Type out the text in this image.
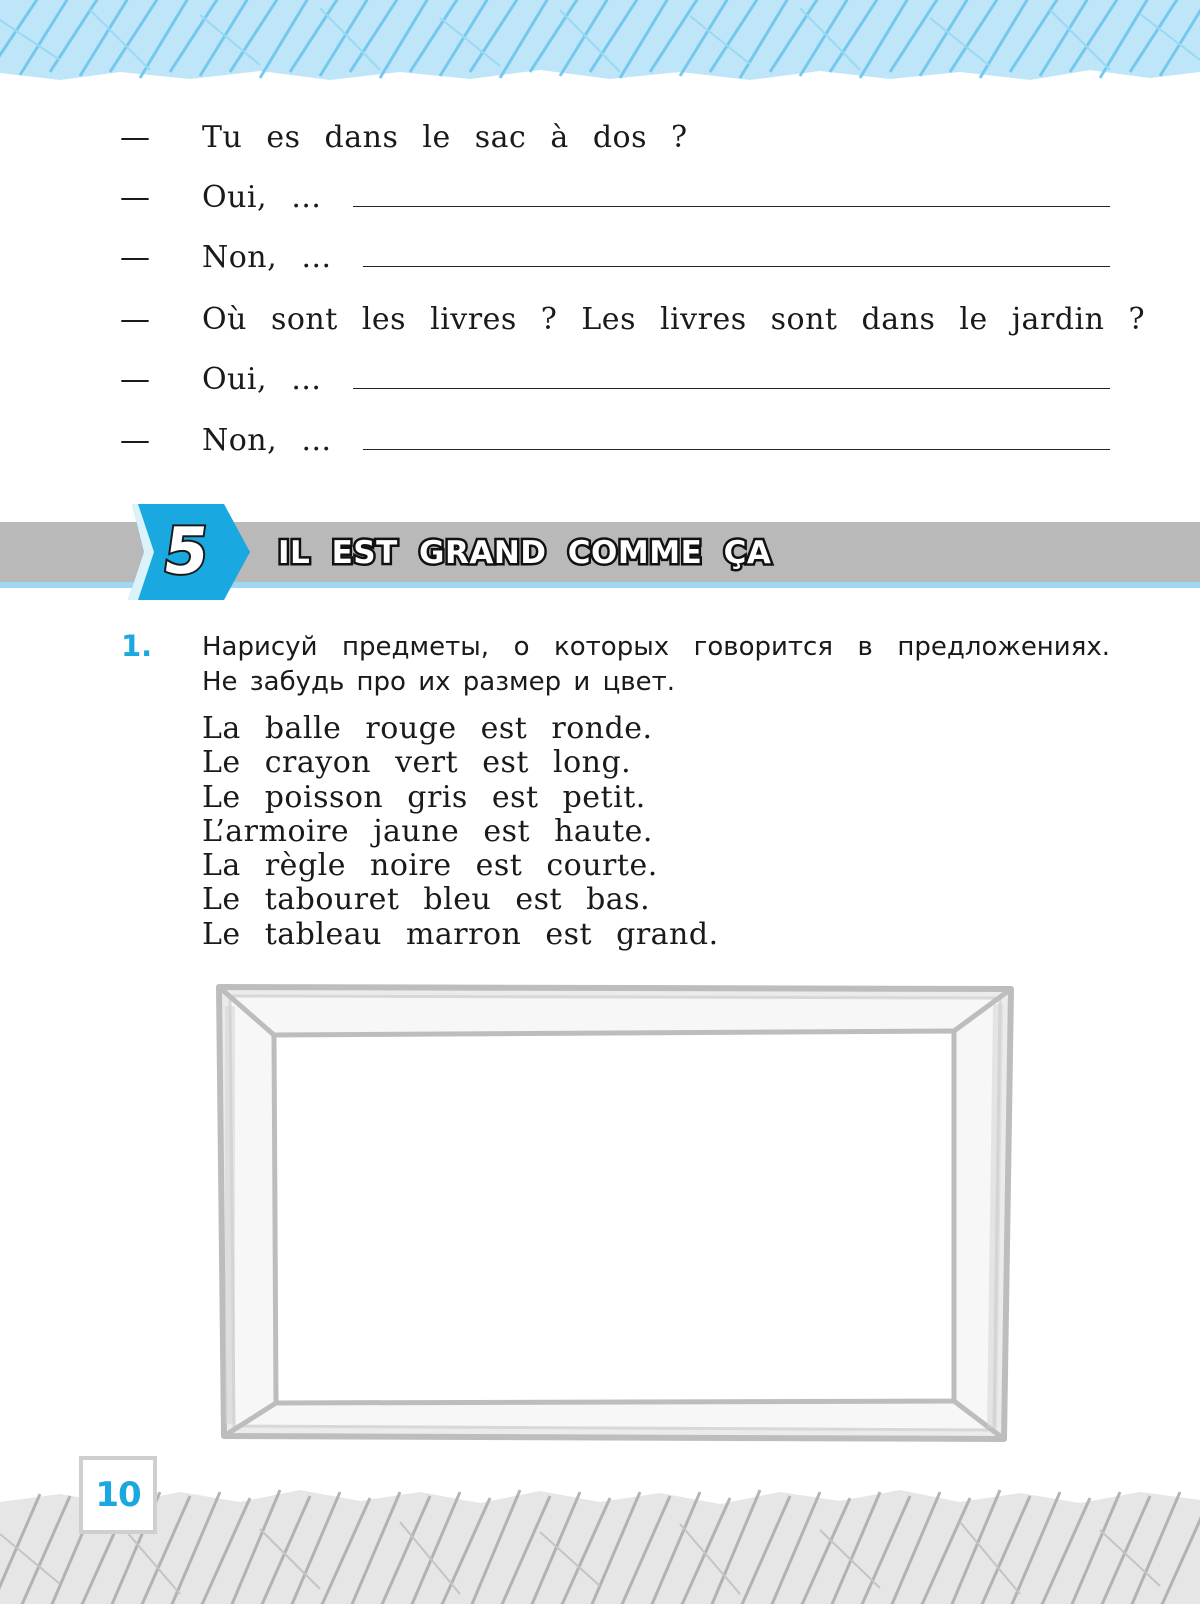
— Tu es dans le sac à dos ?
— Oui, …
— Non, …
— Où sont les livres ? Les livres sont dans le jardin ?
— Oui, …
— Non, …
5	IL EST GRAND COMME ÇA
1. Нарисуй предметы, о которых говорится в предложениях.
Не забудь про их размер и цвет.
La balle rouge est ronde.
Le crayon vert est long.
Le poisson gris est petit.
L’armoire jaune est haute.
La règle noire est courte.
Le tabouret bleu est bas.
Le tableau marron est grand.
10
